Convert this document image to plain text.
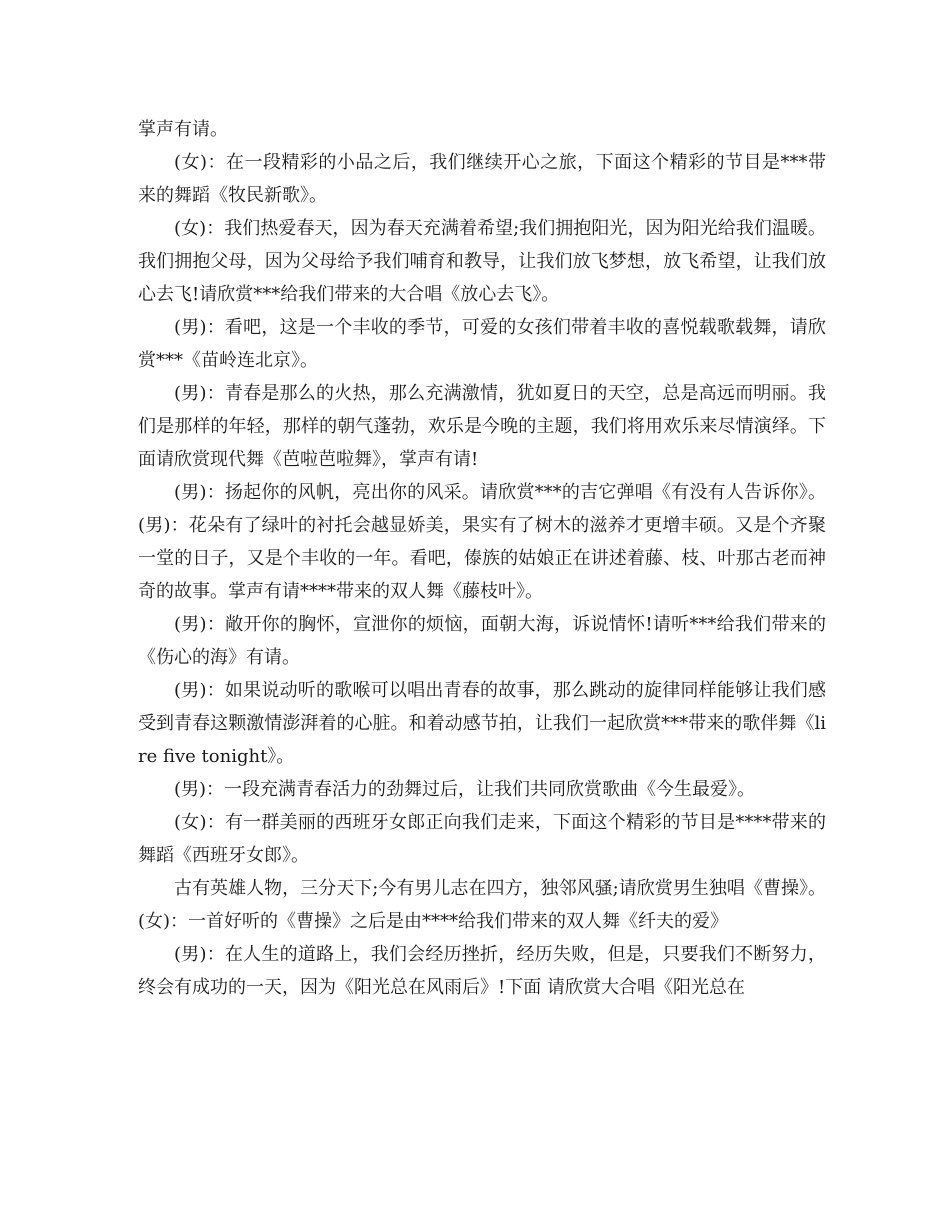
掌声有请。

(女)：在一段精彩的小品之后，我们继续开心之旅，下面这个精彩的节目是***带来的舞蹈《牧民新歌》。

(女)：我们热爱春天，因为春天充满着希望;我们拥抱阳光，因为阳光给我们温暖。我们拥抱父母，因为父母给予我们哺育和教导，让我们放飞梦想，放飞希望，让我们放心去飞!请欣赏***给我们带来的大合唱《放心去飞》。

(男)：看吧，这是一个丰收的季节，可爱的女孩们带着丰收的喜悦载歌载舞，请欣赏***《苗岭连北京》。

(男)：青春是那么的火热，那么充满激情，犹如夏日的天空，总是高远而明丽。我们是那样的年轻，那样的朝气蓬勃，欢乐是今晚的主题，我们将用欢乐来尽情演绎。下面请欣赏现代舞《芭啦芭啦舞》，掌声有请!

(男)：扬起你的风帆，亮出你的风采。请欣赏***的吉它弹唱《有没有人告诉你》。 (男)：花朵有了绿叶的衬托会越显娇美，果实有了树木的滋养才更增丰硕。又是个齐聚一堂的日子，又是个丰收的一年。看吧，傣族的姑娘正在讲述着藤、枝、叶那古老而神奇的故事。掌声有请****带来的双人舞《藤枝叶》。

(男)：敞开你的胸怀，宣泄你的烦恼，面朝大海，诉说情怀!请听***给我们带来的《伤心的海》有请。

(男)：如果说动听的歌喉可以唱出青春的故事，那么跳动的旋律同样能够让我们感受到青春这颗激情澎湃着的心脏。和着动感节拍，让我们一起欣赏***带来的歌伴舞《lire five tonight》。

(男)：一段充满青春活力的劲舞过后，让我们共同欣赏歌曲《今生最爱》。

(女)：有一群美丽的西班牙女郎正向我们走来，下面这个精彩的节目是****带来的舞蹈《西班牙女郎》。

古有英雄人物，三分天下;今有男儿志在四方，独邻风骚;请欣赏男生独唱《曹操》。 (女)：一首好听的《曹操》之后是由****给我们带来的双人舞《纤夫的爱》

(男)：在人生的道路上，我们会经历挫折，经历失败，但是，只要我们不断努力，终会有成功的一天，因为《阳光总在风雨后》!下面 请欣赏大合唱《阳光总在
